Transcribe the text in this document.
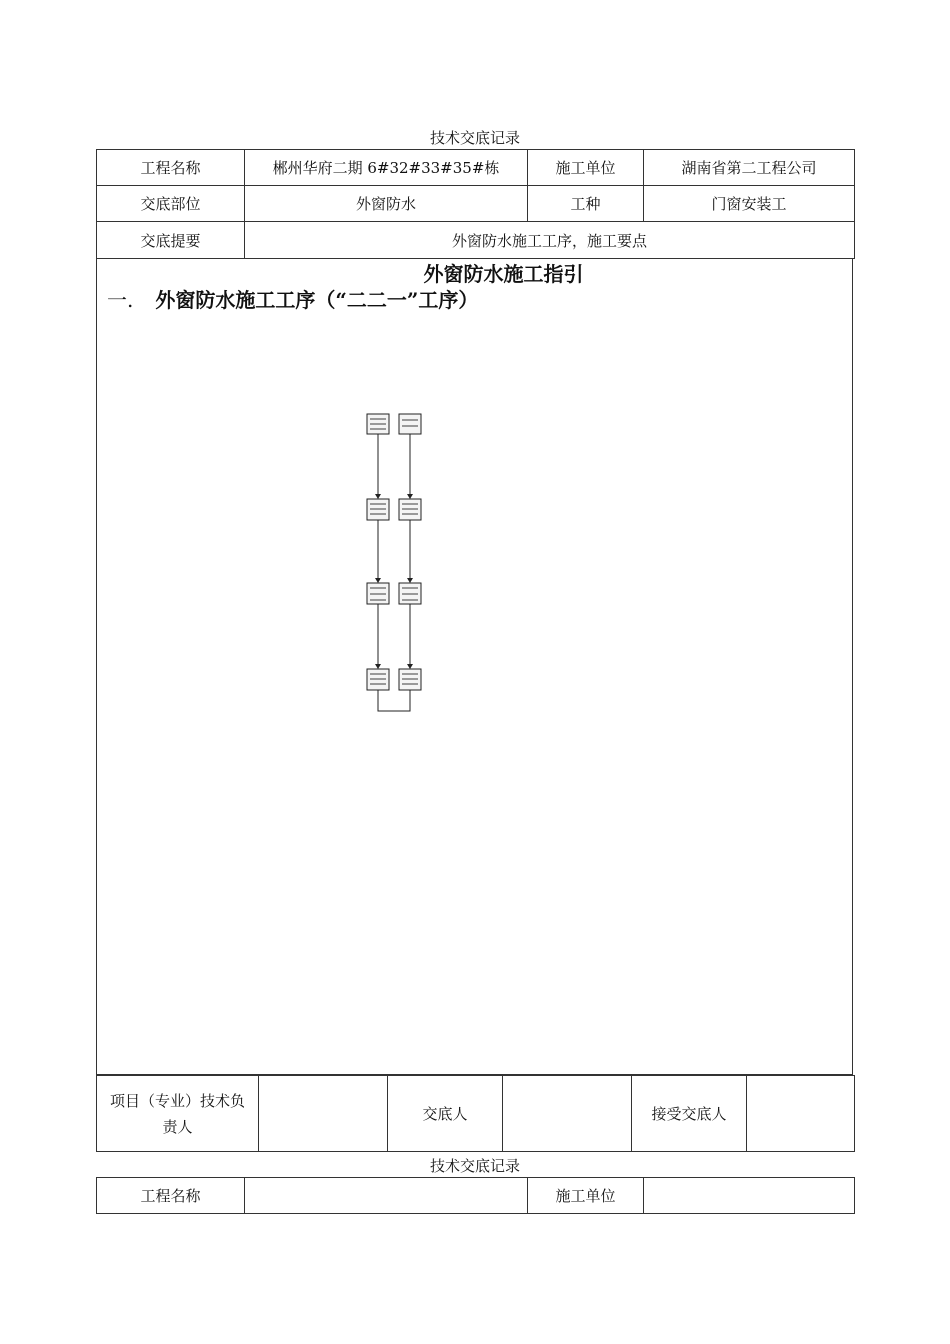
技术交底记录
工程名称	郴州华府二期 6#32#33#35#栋	施工单位	湖南省第二工程公司
交底部位	外窗防水	工种	门窗安装工
交底提要	外窗防水施工工序，施工要点		
外窗防水施工指引
一. 外窗防水施工工序（“二二一”工序）
项目（专业）技术负责人		交底人		接受交底人	
技术交底记录
工程名称		施工单位	
